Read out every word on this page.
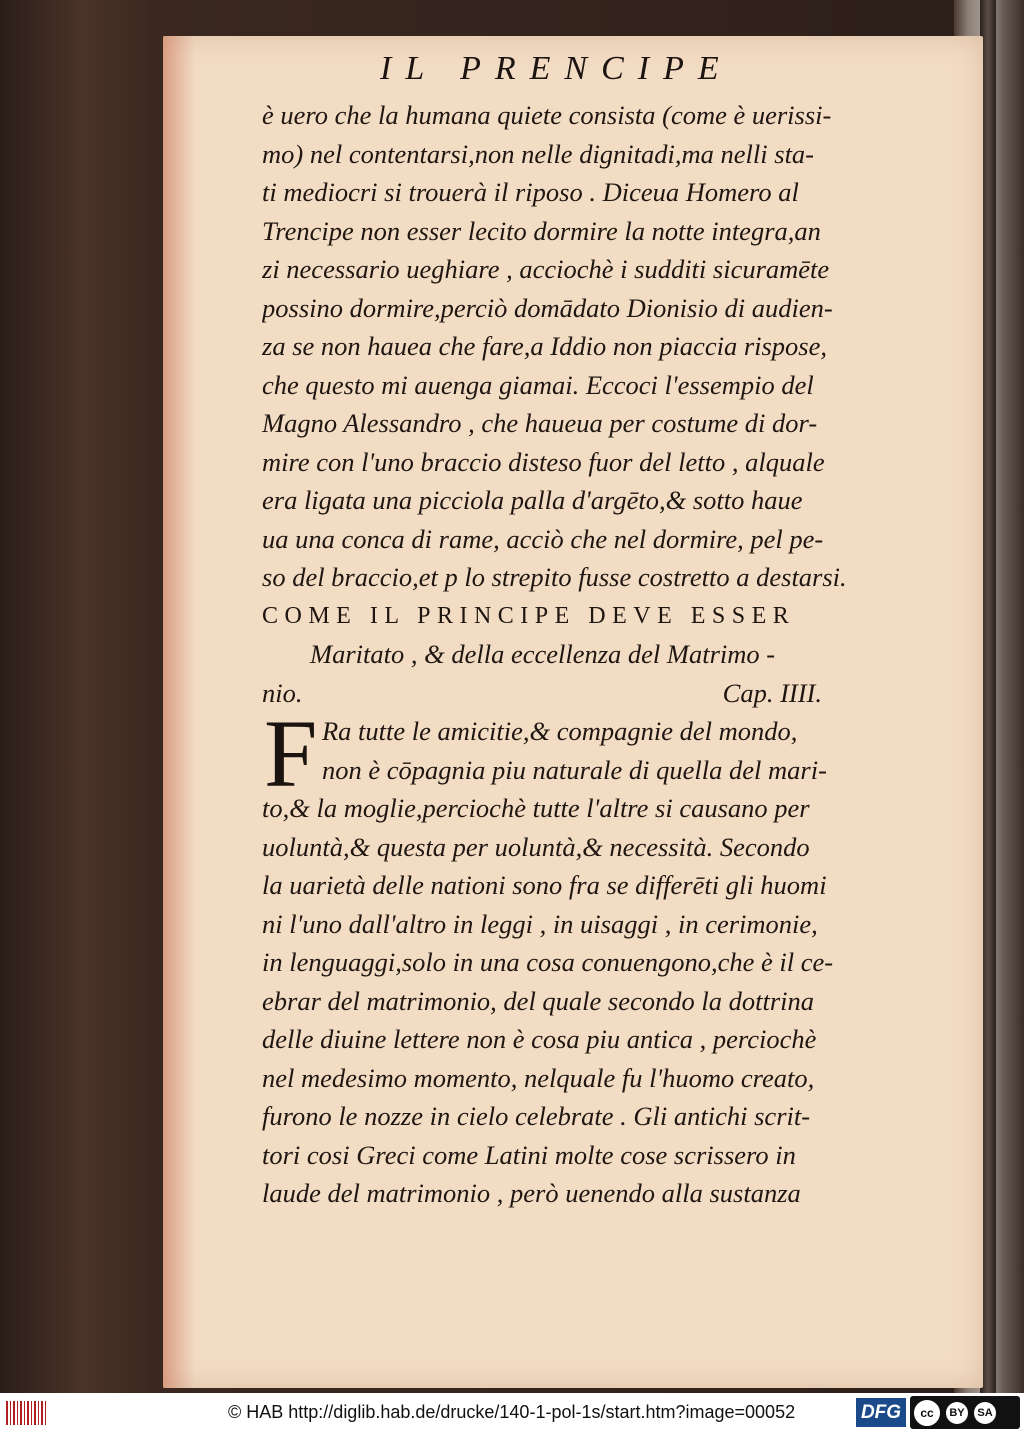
IL PRENCIPE
è uero che la humana quiete consista (come è uerissi-
mo) nel contentarsi,non nelle dignitadi,ma nelli sta-
ti mediocri si trouerà il riposo . Diceua Homero al
Trencipe non esser lecito dormire la notte integra,an
zi necessario ueghiare , acciochè i sudditi sicuramēte
possino dormire,perciò domādato Dionisio di audien-
za se non hauea che fare,a Iddio non piaccia rispose,
che questo mi auenga giamai. Eccoci l'essempio del
Magno Alessandro , che haueua per costume di dor-
mire con l'uno braccio disteso fuor del letto , alquale
era ligata una picciola palla d'argēto,& sotto haue
ua una conca di rame, acciò che nel dormire, pel pe-
so del braccio,et p lo strepito fusse costretto a destarsi.
COME IL PRINCIPE DEVE ESSER
Maritato , & della eccellenza del Matrimo -
nio.	Cap. IIII.
F Ra tutte le amicitie,& compagnie del mondo,
non è cōpagnia piu naturale di quella del mari-
to,& la moglie,perciochè tutte l'altre si causano per
uoluntà,& questa per uoluntà,& necessità. Secondo
la uarietà delle nationi sono fra se differēti gli huomi
ni l'uno dall'altro in leggi , in uisaggi , in cerimonie,
in lenguaggi,solo in una cosa conuengono,che è il ce-
ebrar del matrimonio, del quale secondo la dottrina
delle diuine lettere non è cosa piu antica , perciochè
nel medesimo momento, nelquale fu l'huomo creato,
furono le nozze in cielo celebrate . Gli antichi scrit-
tori cosi Greci come Latini molte cose scrissero in
laude del matrimonio , però uenendo alla sustanza
© HAB http://diglib.hab.de/drucke/140-1-pol-1s/start.htm?image=00052	DFG	cc	BY	SA
